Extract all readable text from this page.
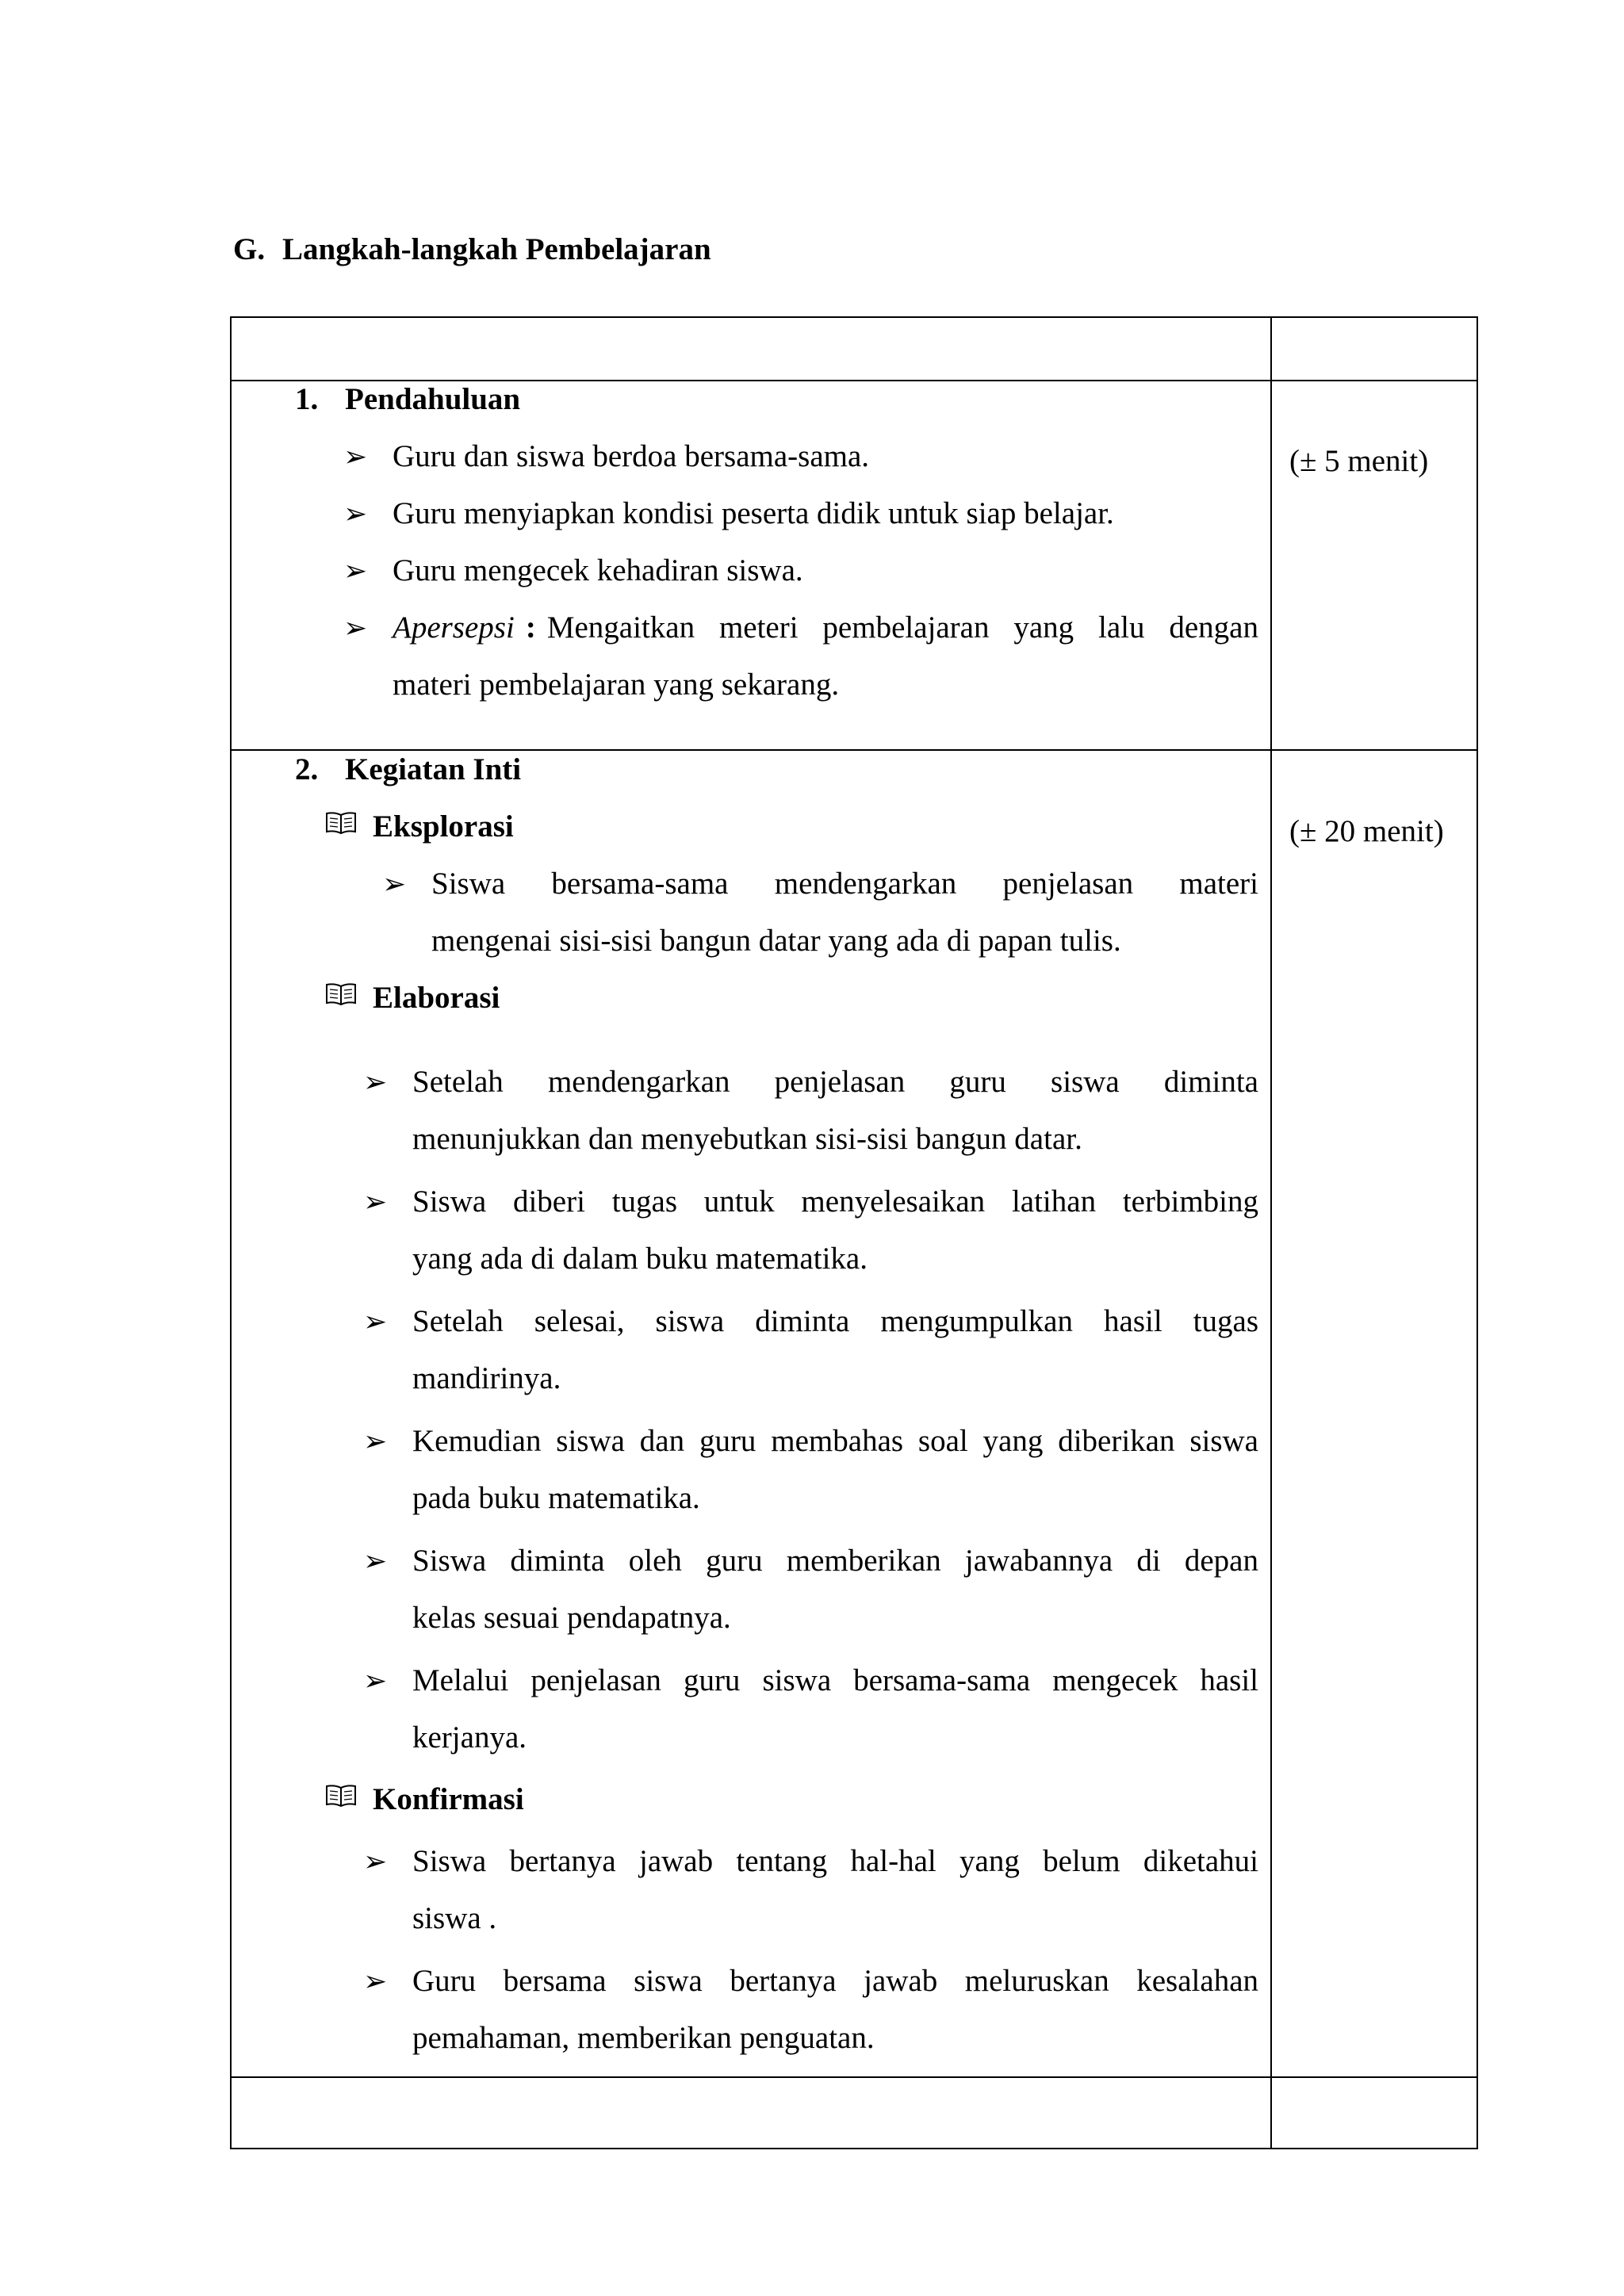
G. Langkah-langkah Pembelajaran
1. Pendahuluan
➢ Guru dan siswa berdoa bersama-sama.
➢ Guru menyiapkan kondisi peserta didik untuk siap belajar.
➢ Guru mengecek kehadiran siswa.
➢ Apersepsi : Mengaitkan meteri pembelajaran yang lalu dengan
materi pembelajaran yang sekarang.
(± 5 menit)
2. Kegiatan Inti
Eksplorasi
➢ Siswa bersama-sama mendengarkan penjelasan materi
mengenai sisi-sisi bangun datar yang ada di papan tulis.
Elaborasi
➢ Setelah mendengarkan penjelasan guru siswa diminta
menunjukkan dan menyebutkan sisi-sisi bangun datar.
➢ Siswa diberi tugas untuk menyelesaikan latihan terbimbing
yang ada di dalam buku matematika.
➢ Setelah selesai, siswa diminta mengumpulkan hasil tugas
mandirinya.
➢ Kemudian siswa dan guru membahas soal yang diberikan siswa
pada buku matematika.
➢ Siswa diminta oleh guru memberikan jawabannya di depan
kelas sesuai pendapatnya.
➢ Melalui penjelasan guru siswa bersama-sama mengecek hasil
kerjanya.
Konfirmasi
➢ Siswa bertanya jawab tentang hal-hal yang belum diketahui
siswa .
➢ Guru bersama siswa bertanya jawab meluruskan kesalahan
pemahaman, memberikan penguatan.
(± 20 menit)
